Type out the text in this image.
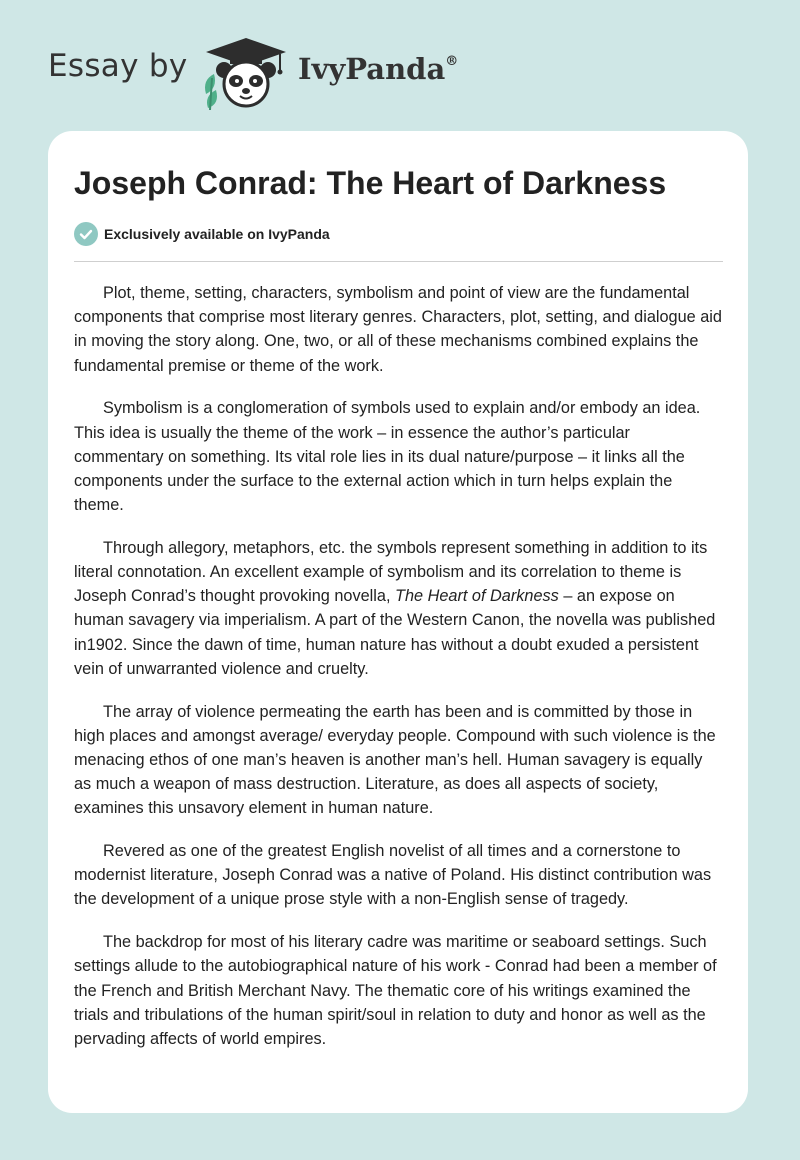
Essay by	IvyPanda®
Joseph Conrad: The Heart of Darkness
Exclusively available on IvyPanda

Plot, theme, setting, characters, symbolism and point of view are the fundamental components that comprise most literary genres. Characters, plot, setting, and dialogue aid in moving the story along. One, two, or all of these mechanisms combined explains the fundamental premise or theme of the work.

Symbolism is a conglomeration of symbols used to explain and/or embody an idea. This idea is usually the theme of the work – in essence the author’s particular commentary on something. Its vital role lies in its dual nature/purpose – it links all the components under the surface to the external action which in turn helps explain the theme.

Through allegory, metaphors, etc. the symbols represent something in addition to its literal connotation. An excellent example of symbolism and its correlation to theme is Joseph Conrad’s thought provoking novella, The Heart of Darkness – an expose on human savagery via imperialism. A part of the Western Canon, the novella was published in1902. Since the dawn of time, human nature has without a doubt exuded a persistent vein of unwarranted violence and cruelty.

The array of violence permeating the earth has been and is committed by those in high places and amongst average/ everyday people. Compound with such violence is the menacing ethos of one man’s heaven is another man’s hell. Human savagery is equally as much a weapon of mass destruction. Literature, as does all aspects of society, examines this unsavory element in human nature.

Revered as one of the greatest English novelist of all times and a cornerstone to modernist literature, Joseph Conrad was a native of Poland. His distinct contribution was the development of a unique prose style with a non-English sense of tragedy.

The backdrop for most of his literary cadre was maritime or seaboard settings. Such settings allude to the autobiographical nature of his work - Conrad had been a member of the French and British Merchant Navy. The thematic core of his writings examined the trials and tribulations of the human spirit/soul in relation to duty and honor as well as the pervading affects of world empires.
